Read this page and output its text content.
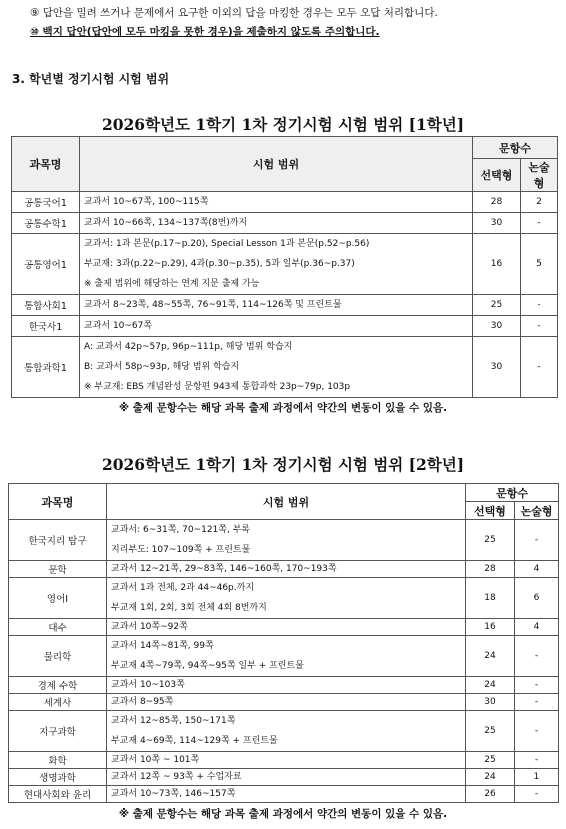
⑨ 답안을 밀려 쓰거나 문제에서 요구한 이외의 답을 마킹한 경우는 모두 오답 처리합니다.
⑩ 백지 답안(답안에 모두 마킹을 못한 경우)을 제출하지 않도록 주의합니다.
3. 학년별 정기시험 시험 범위
2026학년도 1학기 1차 정기시험 시험 범위 [1학년]
과목명	시험 범위	문항수	
		선택형	논술형
공통국어1	교과서 10~67쪽, 100~115쪽	28	2
공통수학1	교과서 10~66쪽, 134~137쪽(8번)까지	30	-
공통영어1	교과서: 1과 본문(p.17~p.20), Special Lesson 1과 본문(p.52~p.56)
부교재: 3과(p.22~p.29), 4과(p.30~p.35), 5과 일부(p.36~p.37)
※ 출제 범위에 해당하는 연계 지문 출제 가능	16	5
통합사회1	교과서 8~23쪽, 48~55쪽, 76~91쪽, 114~126쪽 및 프린트물	25	-
한국사1	교과서 10~67쪽	30	-
통합과학1	A: 교과서 42p~57p, 96p~111p, 해당 범위 학습지
B: 교과서 58p~93p, 해당 범위 학습지
※ 부교재: EBS 개념완성 문항편 943제 통합과학 23p~79p, 103p	30	-
※ 출제 문항수는 해당 과목 출제 과정에서 약간의 변동이 있을 수 있음.
2026학년도 1학기 1차 정기시험 시험 범위 [2학년]
과목명	시험 범위	문항수	
		선택형	논술형
한국지리 탐구	교과서: 6~31쪽, 70~121쪽, 부록
지리부도: 107~109쪽 + 프린트물	25	-
문학	교과서 12~21쪽, 29~83쪽, 146~160쪽, 170~193쪽	28	4
영어Ⅰ	교과서 1과 전체, 2과 44~46p.까지
부교재 1회, 2회, 3회 전체 4회 8번까지	18	6
대수	교과서 10쪽~92쪽	16	4
물리학	교과서 14쪽~81쪽, 99쪽
부교재 4쪽~79쪽, 94쪽~95쪽 일부 + 프린트물	24	-
경제 수학	교과서 10~103쪽	24	-
세계사	교과서 8~95쪽	30	-
지구과학	교과서 12~85쪽, 150~171쪽
부교재 4~69쪽, 114~129쪽 + 프린트물	25	-
화학	교과서 10쪽 ~ 101쪽	25	-
생명과학	교과서 12쪽 ~ 93쪽 + 수업자료	24	1
현대사회와 윤리	교과서 10~73쪽, 146~157쪽	26	-
※ 출제 문항수는 해당 과목 출제 과정에서 약간의 변동이 있을 수 있음.
